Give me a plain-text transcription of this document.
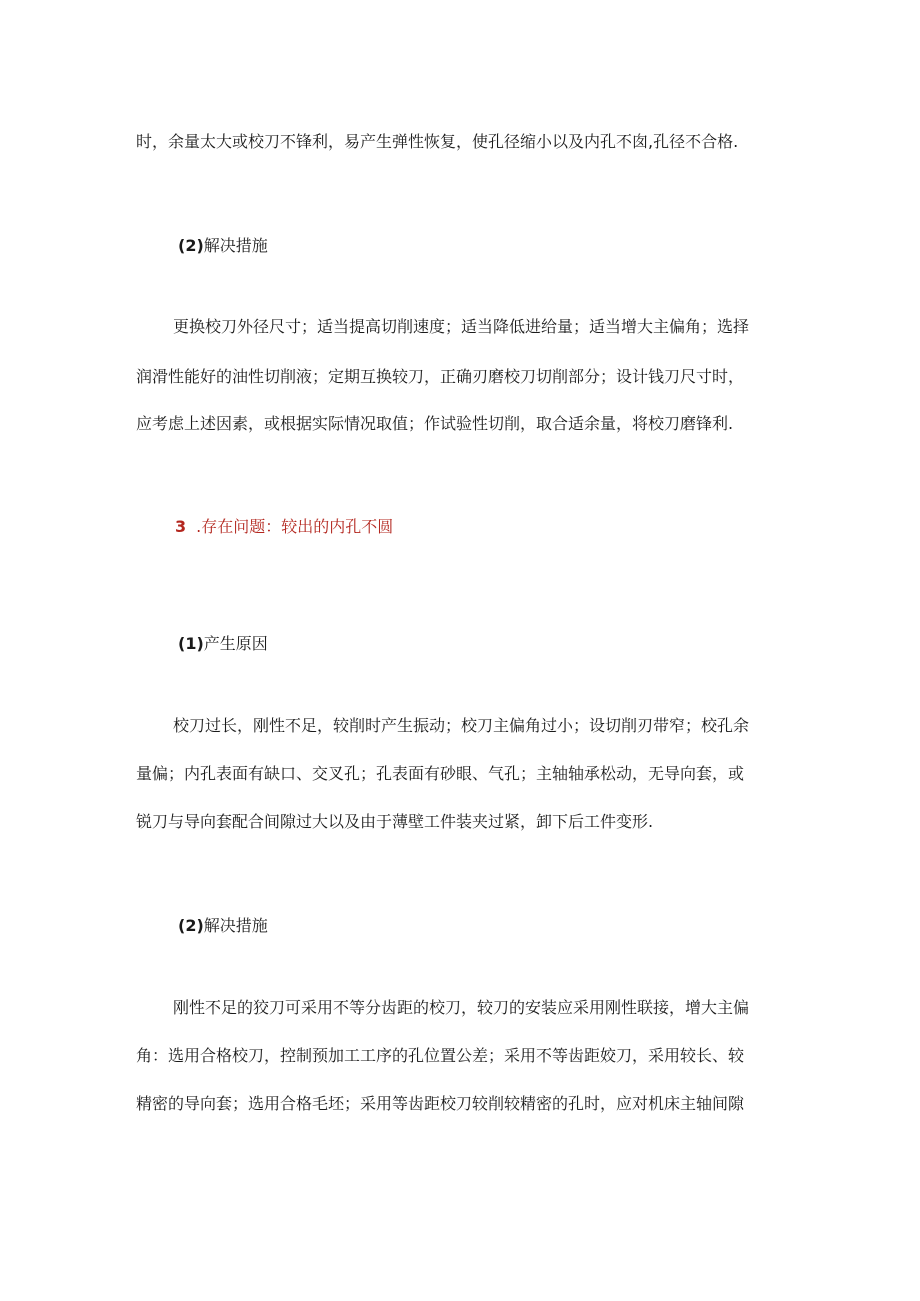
时，余量太大或校刀不锋利，易产生弹性恢复，使孔径缩小以及内孔不囱,孔径不合格.
(2)解决措施
更换校刀外径尺寸；适当提高切削速度；适当降低进给量；适当增大主偏角；选择
润滑性能好的油性切削液；定期互换较刀，正确刃磨校刀切削部分；设计钱刀尺寸时，
应考虑上述因素，或根据实际情况取值；作试验性切削，取合适余量，将校刀磨锋利.
3 .存在问题：较出的内孔不圆
(1)产生原因
校刀过长，刚性不足，较削时产生振动；校刀主偏角过小；设切削刃带窄；校孔余
量偏；内孔表面有缺口、交叉孔；孔表面有砂眼、气孔；主轴轴承松动，无导向套，或
锐刀与导向套配合间隙过大以及由于薄壁工件装夹过紧，卸下后工件变形.
(2)解决措施
刚性不足的狡刀可采用不等分齿距的校刀，较刀的安装应采用刚性联接，增大主偏
角：选用合格校刀，控制预加工工序的孔位置公差；采用不等齿距姣刀，采用较长、较
精密的导向套；选用合格毛坯；采用等齿距校刀较削较精密的孔时，应对机床主轴间隙
